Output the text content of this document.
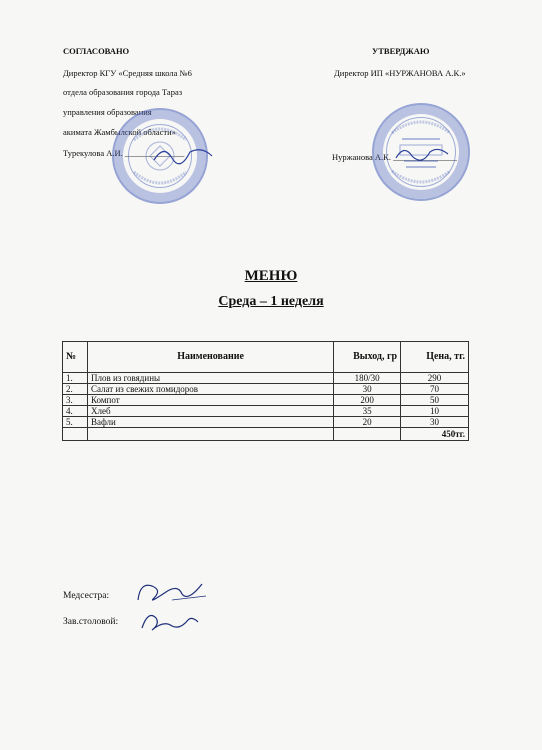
СОГЛАСОВАНО
Директор КГУ «Средняя школа №6
отдела образования города Тараз
управления образования
акимата Жамбылской области»
Турекулова А.И. ______________
УТВЕРДЖАЮ
Директор ИП «НУРЖАНОВА А.К.»
Нуржанова А.К. _______________
МЕНЮ
Среда – 1 неделя
№	Наименование	Выход, гр	Цена, тг.
1.	Плов из говядины	180/30	290
2.	Салат из свежих помидоров	30	70
3.	Компот	200	50
4.	Хлеб	35	10
5.	Вафли	20	30
			450тг.
Медсестра:
Зав.столовой:
